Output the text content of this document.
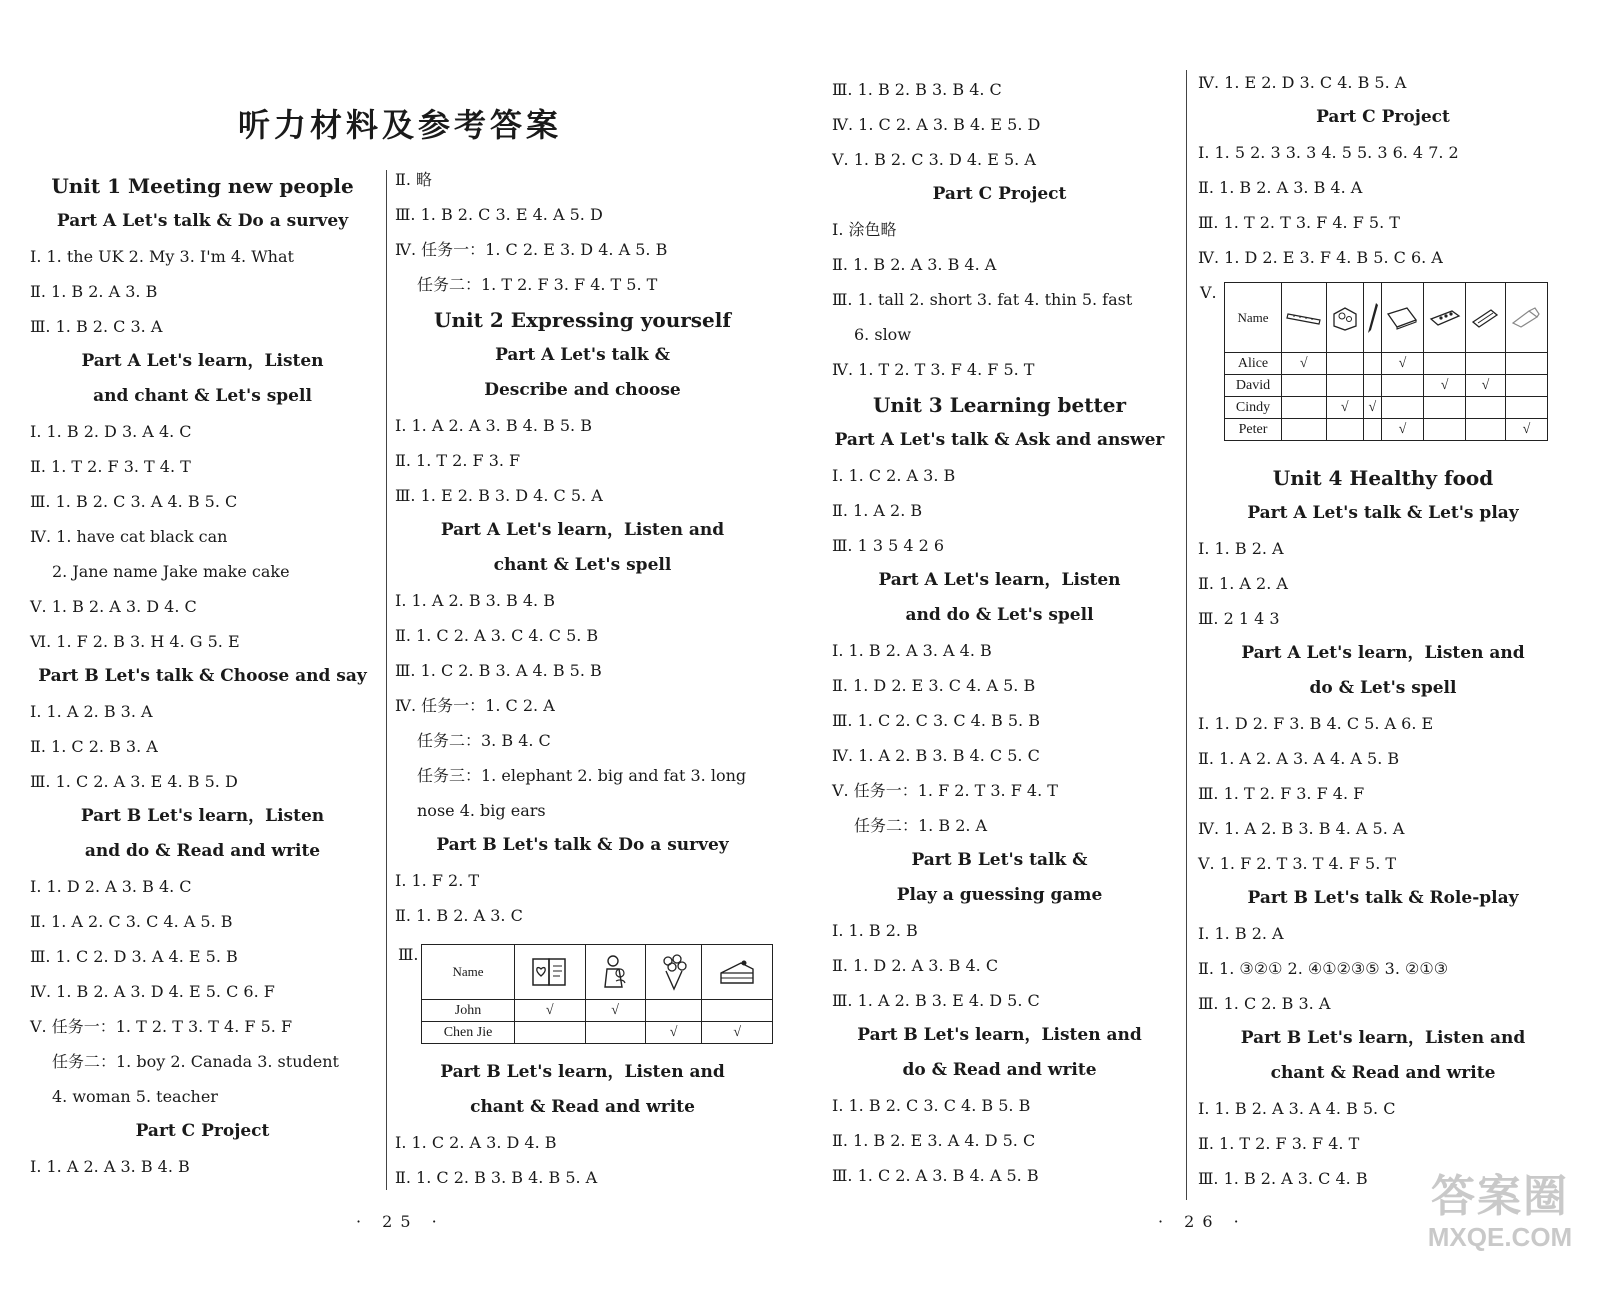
听力材料及参考答案
Unit 1 Meeting new people
Part A Let's talk & Do a survey
Ⅰ. 1. the UK 2. My 3. I'm 4. What
Ⅱ. 1. B 2. A 3. B
Ⅲ. 1. B 2. C 3. A
Part A Let's learn，Listen
and chant & Let's spell
Ⅰ. 1. B 2. D 3. A 4. C
Ⅱ. 1. T 2. F 3. T 4. T
Ⅲ. 1. B 2. C 3. A 4. B 5. C
Ⅳ. 1. have cat black can
2. Jane name Jake make cake
Ⅴ. 1. B 2. A 3. D 4. C
Ⅵ. 1. F 2. B 3. H 4. G 5. E
Part B Let's talk & Choose and say
Ⅰ. 1. A 2. B 3. A
Ⅱ. 1. C 2. B 3. A
Ⅲ. 1. C 2. A 3. E 4. B 5. D
Part B Let's learn，Listen
and do & Read and write
Ⅰ. 1. D 2. A 3. B 4. C
Ⅱ. 1. A 2. C 3. C 4. A 5. B
Ⅲ. 1. C 2. D 3. A 4. E 5. B
Ⅳ. 1. B 2. A 3. D 4. E 5. C 6. F
Ⅴ. 任务一：1. T 2. T 3. T 4. F 5. F
任务二：1. boy 2. Canada 3. student
4. woman 5. teacher
Part C Project
Ⅰ. 1. A 2. A 3. B 4. B
Ⅱ. 略
Ⅲ. 1. B 2. C 3. E 4. A 5. D
Ⅳ. 任务一：1. C 2. E 3. D 4. A 5. B
任务二：1. T 2. F 3. F 4. T 5. T
Unit 2 Expressing yourself
Part A Let's talk &
Describe and choose
Ⅰ. 1. A 2. A 3. B 4. B 5. B
Ⅱ. 1. T 2. F 3. F
Ⅲ. 1. E 2. B 3. D 4. C 5. A
Part A Let's learn，Listen and
chant & Let's spell
Ⅰ. 1. A 2. B 3. B 4. B
Ⅱ. 1. C 2. A 3. C 4. C 5. B
Ⅲ. 1. C 2. B 3. A 4. B 5. B
Ⅳ. 任务一：1. C 2. A
任务二：3. B 4. C
任务三：1. elephant 2. big and fat 3. long
nose 4. big ears
Part B Let's talk & Do a survey
Ⅰ. 1. F 2. T
Ⅱ. 1. B 2. A 3. C
Ⅲ.
Name	

John	√	√		
Chen Jie			√	√
Part B Let's learn，Listen and
chant & Read and write
Ⅰ. 1. C 2. A 3. D 4. B
Ⅱ. 1. C 2. B 3. B 4. B 5. A
Ⅲ. 1. B 2. B 3. B 4. C
Ⅳ. 1. C 2. A 3. B 4. E 5. D
Ⅴ. 1. B 2. C 3. D 4. E 5. A
Part C Project
Ⅰ. 涂色略
Ⅱ. 1. B 2. A 3. B 4. A
Ⅲ. 1. tall 2. short 3. fat 4. thin 5. fast
6. slow
Ⅳ. 1. T 2. T 3. F 4. F 5. T
Unit 3 Learning better
Part A Let's talk & Ask and answer
Ⅰ. 1. C 2. A 3. B
Ⅱ. 1. A 2. B
Ⅲ. 1 3 5 4 2 6
Part A Let's learn，Listen
and do & Let's spell
Ⅰ. 1. B 2. A 3. A 4. B
Ⅱ. 1. D 2. E 3. C 4. A 5. B
Ⅲ. 1. C 2. C 3. C 4. B 5. B
Ⅳ. 1. A 2. B 3. B 4. C 5. C
Ⅴ. 任务一：1. F 2. T 3. F 4. T
任务二：1. B 2. A
Part B Let's talk &
Play a guessing game
Ⅰ. 1. B 2. B
Ⅱ. 1. D 2. A 3. B 4. C
Ⅲ. 1. A 2. B 3. E 4. D 5. C
Part B Let's learn，Listen and
do & Read and write
Ⅰ. 1. B 2. C 3. C 4. B 5. B
Ⅱ. 1. B 2. E 3. A 4. D 5. C
Ⅲ. 1. C 2. A 3. B 4. A 5. B
Ⅳ. 1. E 2. D 3. C 4. B 5. A
Part C Project
Ⅰ. 1. 5 2. 3 3. 3 4. 5 5. 3 6. 4 7. 2
Ⅱ. 1. B 2. A 3. B 4. A
Ⅲ. 1. T 2. T 3. F 4. F 5. T
Ⅳ. 1. D 2. E 3. F 4. B 5. C 6. A
Ⅴ.
Name	

Alice	√			√			
David					√	√	
Cindy		√	√				
Peter				√			√
Unit 4 Healthy food
Part A Let's talk & Let's play
Ⅰ. 1. B 2. A
Ⅱ. 1. A 2. A
Ⅲ. 2 1 4 3
Part A Let's learn，Listen and
do & Let's spell
Ⅰ. 1. D 2. F 3. B 4. C 5. A 6. E
Ⅱ. 1. A 2. A 3. A 4. A 5. B
Ⅲ. 1. T 2. F 3. F 4. F
Ⅳ. 1. A 2. B 3. B 4. A 5. A
Ⅴ. 1. F 2. T 3. T 4. F 5. T
Part B Let's talk & Role-play
Ⅰ. 1. B 2. A
Ⅱ. 1. ③②① 2. ④①②③⑤ 3. ②①③
Ⅲ. 1. C 2. B 3. A
Part B Let's learn，Listen and
chant & Read and write
Ⅰ. 1. B 2. A 3. A 4. B 5. C
Ⅱ. 1. T 2. F 3. F 4. T
Ⅲ. 1. B 2. A 3. C 4. B
· 25 ·	· 26 ·
答案圈
MXQE.COM
